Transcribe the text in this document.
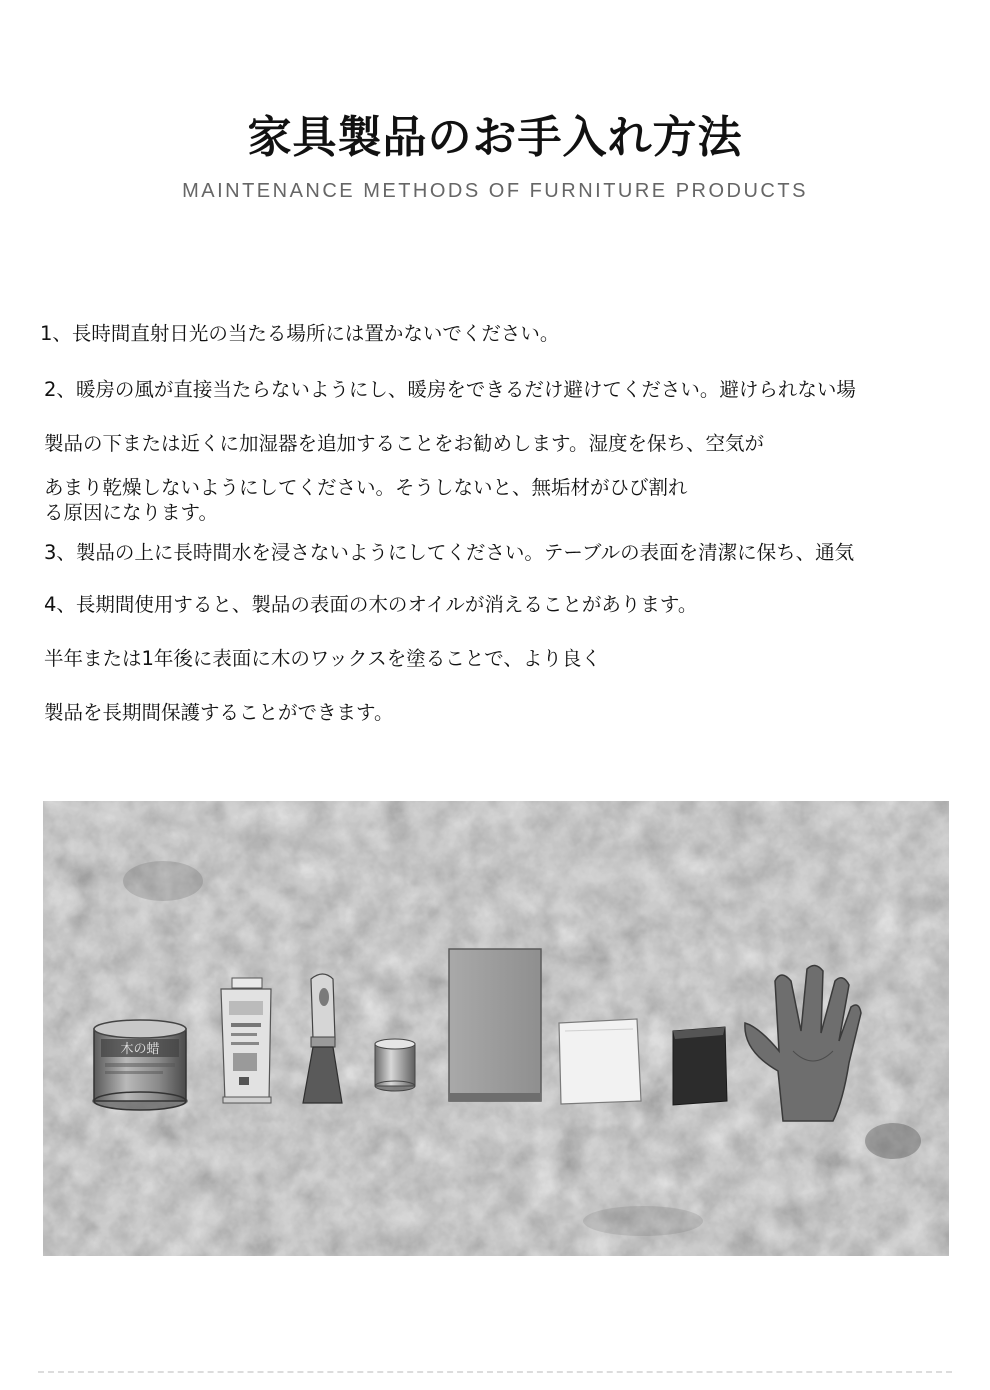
家具製品のお手入れ方法
MAINTENANCE METHODS OF FURNITURE PRODUCTS
1、長時間直射日光の当たる場所には置かないでください。
2、暖房の風が直接当たらないようにし、暖房をできるだけ避けてください。避けられない場
製品の下または近くに加湿器を追加することをお勧めします。湿度を保ち、空気が
あまり乾燥しないようにしてください。そうしないと、無垢材がひび割れ
る原因になります。
3、製品の上に長時間水を浸さないようにしてください。テーブルの表面を清潔に保ち、通気
4、長期間使用すると、製品の表面の木のオイルが消えることがあります。
半年または1年後に表面に木のワックスを塗ることで、より良く
製品を長期間保護することができます。
木の蜡
